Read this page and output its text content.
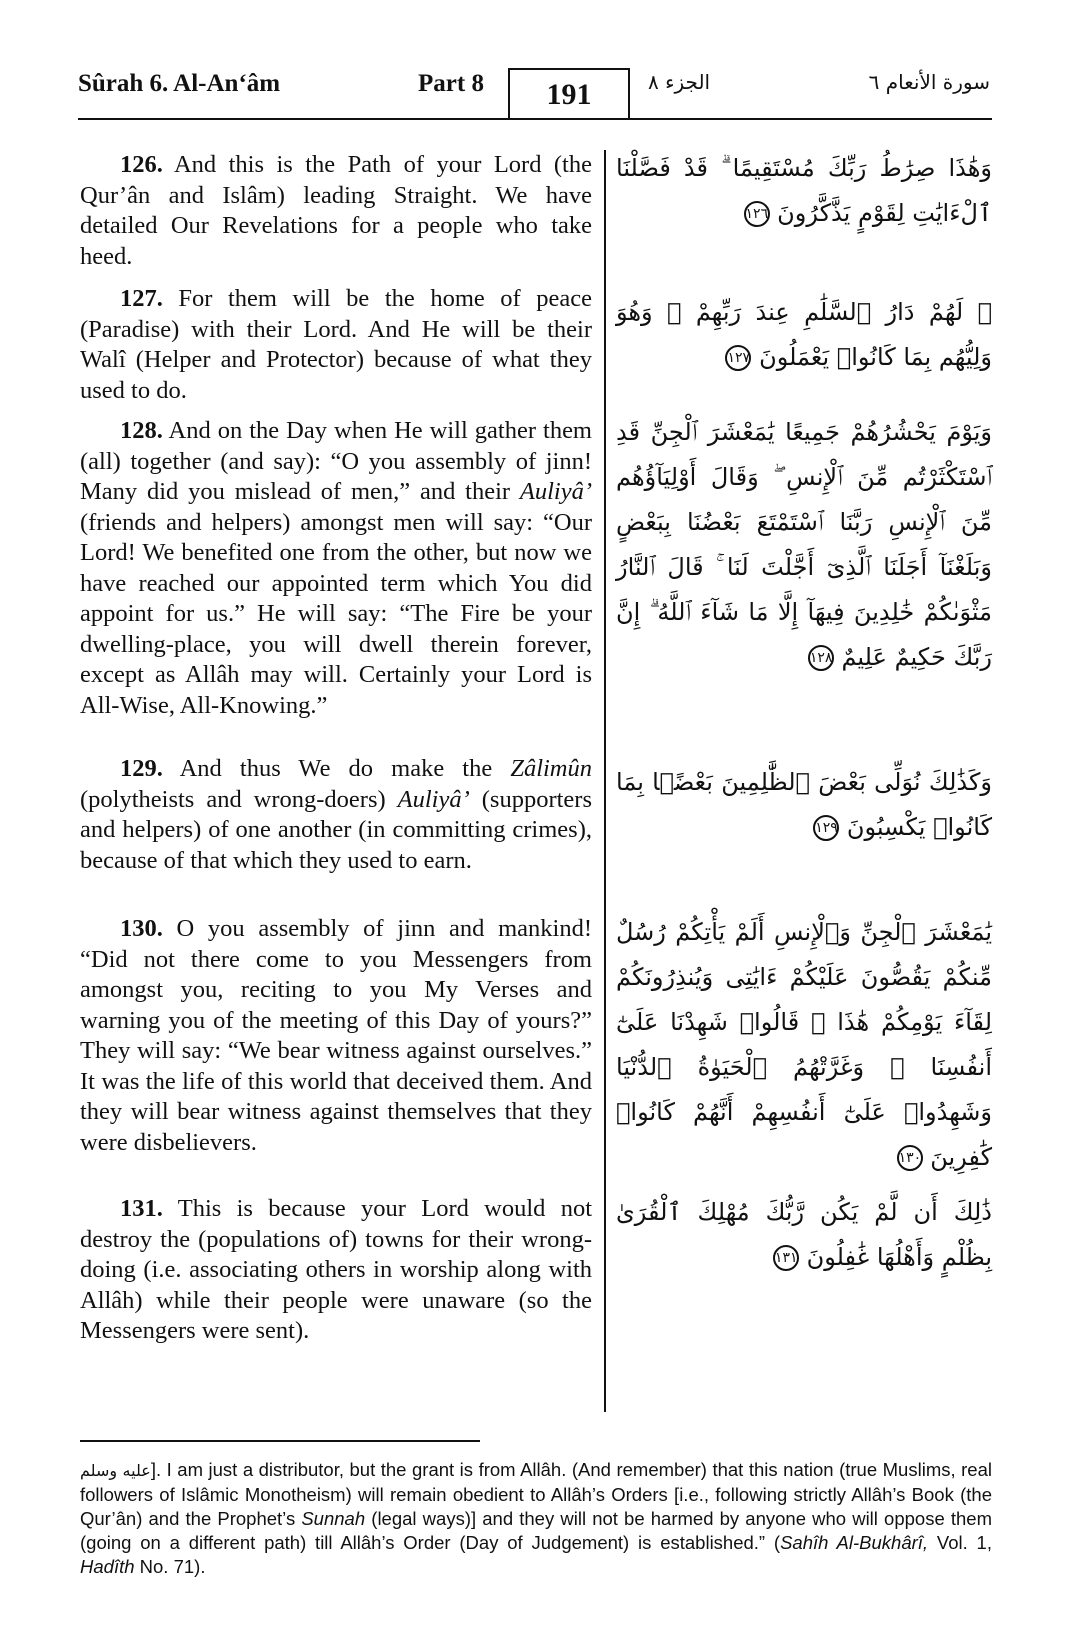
Sûrah 6. Al-An‘âm	Part 8	191	الجزء ٨	سورة الأنعام ٦
126. And this is the Path of your Lord (the Qur’ân and Islâm) leading Straight. We have detailed Our Revelations for a people who take heed.
127. For them will be the home of peace (Paradise) with their Lord. And He will be their Walî (Helper and Protector) because of what they used to do.
128. And on the Day when He will gather them (all) together (and say): “O you assembly of jinn! Many did you mislead of men,” and their Auliyâ’ (friends and helpers) amongst men will say: “Our Lord! We benefited one from the other, but now we have reached our appointed term which You did appoint for us.” He will say: “The Fire be your dwelling-place, you will dwell therein forever, except as Allâh may will. Certainly your Lord is All-Wise, All-Knowing.”
129. And thus We do make the Zâlimûn (polytheists and wrong-doers) Auliyâ’ (supporters and helpers) of one another (in committing crimes), because of that which they used to earn.
130. O you assembly of jinn and mankind! “Did not there come to you Messengers from amongst you, reciting to you My Verses and warning you of the meeting of this Day of yours?” They will say: “We bear witness against ourselves.” It was the life of this world that deceived them. And they will bear witness against themselves that they were disbelievers.
131. This is because your Lord would not destroy the (populations of) towns for their wrong-doing (i.e. associating others in worship along with Allâh) while their people were unaware (so the Messengers were sent).
وَهَٰذَا صِرَٰطُ رَبِّكَ مُسْتَقِيمًا ۗ قَدْ فَصَّلْنَا ٱلْءَايَٰتِ لِقَوْمٍ يَذَّكَّرُونَ ١٢٦
۞ لَهُمْ دَارُ ٱلسَّلَٰمِ عِندَ رَبِّهِمْ ۖ وَهُوَ وَلِيُّهُم بِمَا كَانُوا۟ يَعْمَلُونَ ١٢٧
وَيَوْمَ يَحْشُرُهُمْ جَمِيعًا يَٰمَعْشَرَ ٱلْجِنِّ قَدِ ٱسْتَكْثَرْتُم مِّنَ ٱلْإِنسِ ۖ وَقَالَ أَوْلِيَآؤُهُم مِّنَ ٱلْإِنسِ رَبَّنَا ٱسْتَمْتَعَ بَعْضُنَا بِبَعْضٍ وَبَلَغْنَآ أَجَلَنَا ٱلَّذِىٓ أَجَّلْتَ لَنَا ۚ قَالَ ٱلنَّارُ مَثْوَىٰكُمْ خَٰلِدِينَ فِيهَآ إِلَّا مَا شَآءَ ٱللَّهُ ۗ إِنَّ رَبَّكَ حَكِيمٌ عَلِيمٌ ١٢٨
وَكَذَٰلِكَ نُوَلِّى بَعْضَ ٱلظَّٰلِمِينَ بَعْضًۢا بِمَا كَانُوا۟ يَكْسِبُونَ ١٢٩
يَٰمَعْشَرَ ٱلْجِنِّ وَٱلْإِنسِ أَلَمْ يَأْتِكُمْ رُسُلٌ مِّنكُمْ يَقُصُّونَ عَلَيْكُمْ ءَايَٰتِى وَيُنذِرُونَكُمْ لِقَآءَ يَوْمِكُمْ هَٰذَا ۚ قَالُوا۟ شَهِدْنَا عَلَىٰٓ أَنفُسِنَا ۖ وَغَرَّتْهُمُ ٱلْحَيَوٰةُ ٱلدُّنْيَا وَشَهِدُوا۟ عَلَىٰٓ أَنفُسِهِمْ أَنَّهُمْ كَانُوا۟ كَٰفِرِينَ ١٣٠
ذَٰلِكَ أَن لَّمْ يَكُن رَّبُّكَ مُهْلِكَ ٱلْقُرَىٰ بِظُلْمٍ وَأَهْلُهَا غَٰفِلُونَ ١٣١
عليه وسلم]. I am just a distributor, but the grant is from Allâh. (And remember) that this nation (true Muslims, real followers of Islâmic Monotheism) will remain obedient to Allâh’s Orders [i.e., following strictly Allâh’s Book (the Qur’ân) and the Prophet’s Sunnah (legal ways)] and they will not be harmed by anyone who will oppose them (going on a different path) till Allâh’s Order (Day of Judgement) is established.” (Sahîh Al-Bukhârî, Vol. 1, Hadîth No. 71).
